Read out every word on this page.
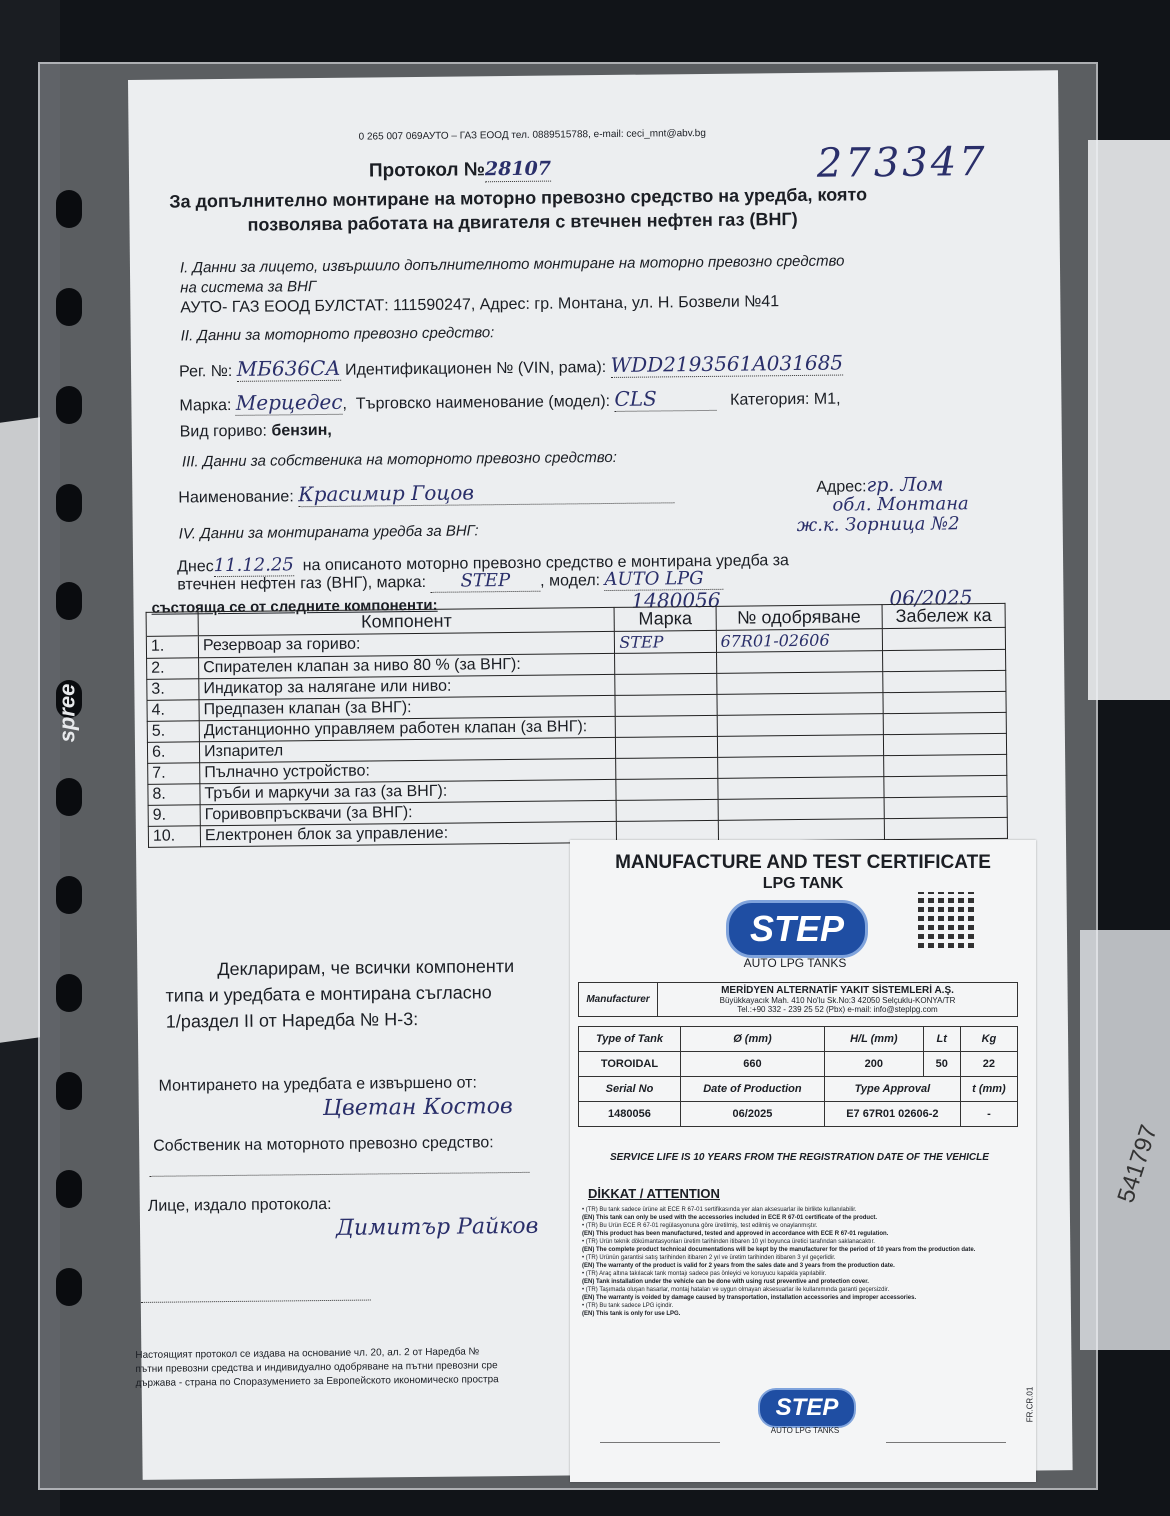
541797
spree
0 265 007 069АУТО – ГАЗ ЕООД тел. 0889515788, e-mail: ceci_mnt@abv.bg
Протокол №28107	273347
За допълнително монтиране на моторно превозно средство на уредба, която
позволява работата на двигателя с втечнен нефтен газ (ВНГ)
I. Данни за лицето, извършило допълнителното монтиране на моторно превозно средство
на система за ВНГ
АУТО- ГАЗ ЕООД БУЛСТАТ: 111590247, Адрес: гр. Монтана, ул. Н. Бозвели №41
II. Данни за моторното превозно средство:
Рег. №: МБ636СА Идентификационен № (VIN, рама): WDD2193561A031685
Марка: Мерцедес,  Търговско наименование (модел): CLS	Категория: М1,
Вид гориво: бензин,
III. Данни за собственика на моторното превозно средство:
Наименование: Красимир Гоцов	Адрес:гр. Лом
обл. Монтана
ж.к. Зорница №2
IV. Данни за монтираната уредба за ВНГ:
Днес11.12.25 на описаното моторно превозно средство е монтирана уредба за
втечнен нефтен газ (ВНГ), марка: STEP , модел: AUTO LPG
състояща се от следните компоненти:	1480056	06/2025
	Компонент	Марка	№ одобряване	Забележ ка
1.	Резервоар за гориво:	STEP	67R01-02606	
2.	Спирателен клапан за ниво 80 % (за ВНГ):			
3.	Индикатор за налягане или ниво:			
4.	Предпазен клапан (за ВНГ):			
5.	Дистанционно управляем работен клапан (за ВНГ):			
6.	Изпарител			
7.	Пълначно устройство:			
8.	Тръби и маркучи за газ (за ВНГ):			
9.	Горивовпръсквачи (за ВНГ):			
10.	Електронен блок за управление:			
Декларирам, че всички компоненти
типа и уредбата е монтирана съгласно
1/раздел II от Наредба № Н-3:
Монтирането на уредбата е извършено от:
Цветан Костов
Собственик на моторното превозно средство:
Лице, издало протокола:
Димитър Райков
Настоящият протокол се издава на основание чл. 20, ал. 2 от Наредба №
пътни превозни средства и индивидуално одобряване на пътни превозни сре
държава - страна по Споразумението за Европейското икономическо простра
MANUFACTURE AND TEST CERTIFICATE
LPG TANK
STEP
AUTO LPG TANKS
Manufacturer	
MERİDYEN ALTERNATİF YAKIT SİSTEMLERİ A.Ş.
Büyükkayacık Mah. 410 No'lu Sk.No:3 42050 Selçuklu-KONYA/TR
Tel.:+90 332 - 239 25 52 (Pbx) e-mail: info@steplpg.com
Type of Tank	Ø (mm)	H/L (mm)	Lt	Kg
TOROIDAL	660	200	50	22
Serial No	Date of Production	Type Approval		t (mm)
1480056	06/2025	E7 67R01 02606-2		-
SERVICE LIFE IS 10 YEARS FROM THE REGISTRATION DATE OF THE VEHICLE
DİKKAT / ATTENTION
• (TR) Bu tank sadece ürüne ait ECE R 67-01 sertifikasında yer alan aksesuarlar ile birlikte kullanılabilir.
(EN) This tank can only be used with the accessories included in ECE R 67-01 certificate of the product.
• (TR) Bu Ürün ECE R 67-01 regülasyonuna göre üretilmiş, test edilmiş ve onaylanmıştır.
(EN) This product has been manufactured, tested and approved in accordance with ECE R 67-01 regulation.
• (TR) Ürün teknik dökümantasyonları üretim tarihinden itibaren 10 yıl boyunca üretici tarafından saklanacaktır.
(EN) The complete product technical documentations will be kept by the manufacturer for the period of 10 years from the production date.
• (TR) Ürünün garantisi satış tarihinden itibaren 2 yıl ve üretim tarihinden itibaren 3 yıl geçerlidir.
(EN) The warranty of the product is valid for 2 years from the sales date and 3 years from the production date.
• (TR) Araç altına takılacak tank montajı sadece pas önleyici ve koruyucu kapakla yapılabilir.
(EN) Tank installation under the vehicle can be done with using rust preventive and protection cover.
• (TR) Taşımada oluşan hasarlar, montaj hataları ve uygun olmayan aksesuarlar ile kullanımında garanti geçersizdir.
(EN) The warranty is voided by damage caused by transportation, installation accessories and improper accessories.
• (TR) Bu tank sadece LPG içindir.
(EN) This tank is only for use LPG.
STEP
AUTO LPG TANKS
FR.CR.01
